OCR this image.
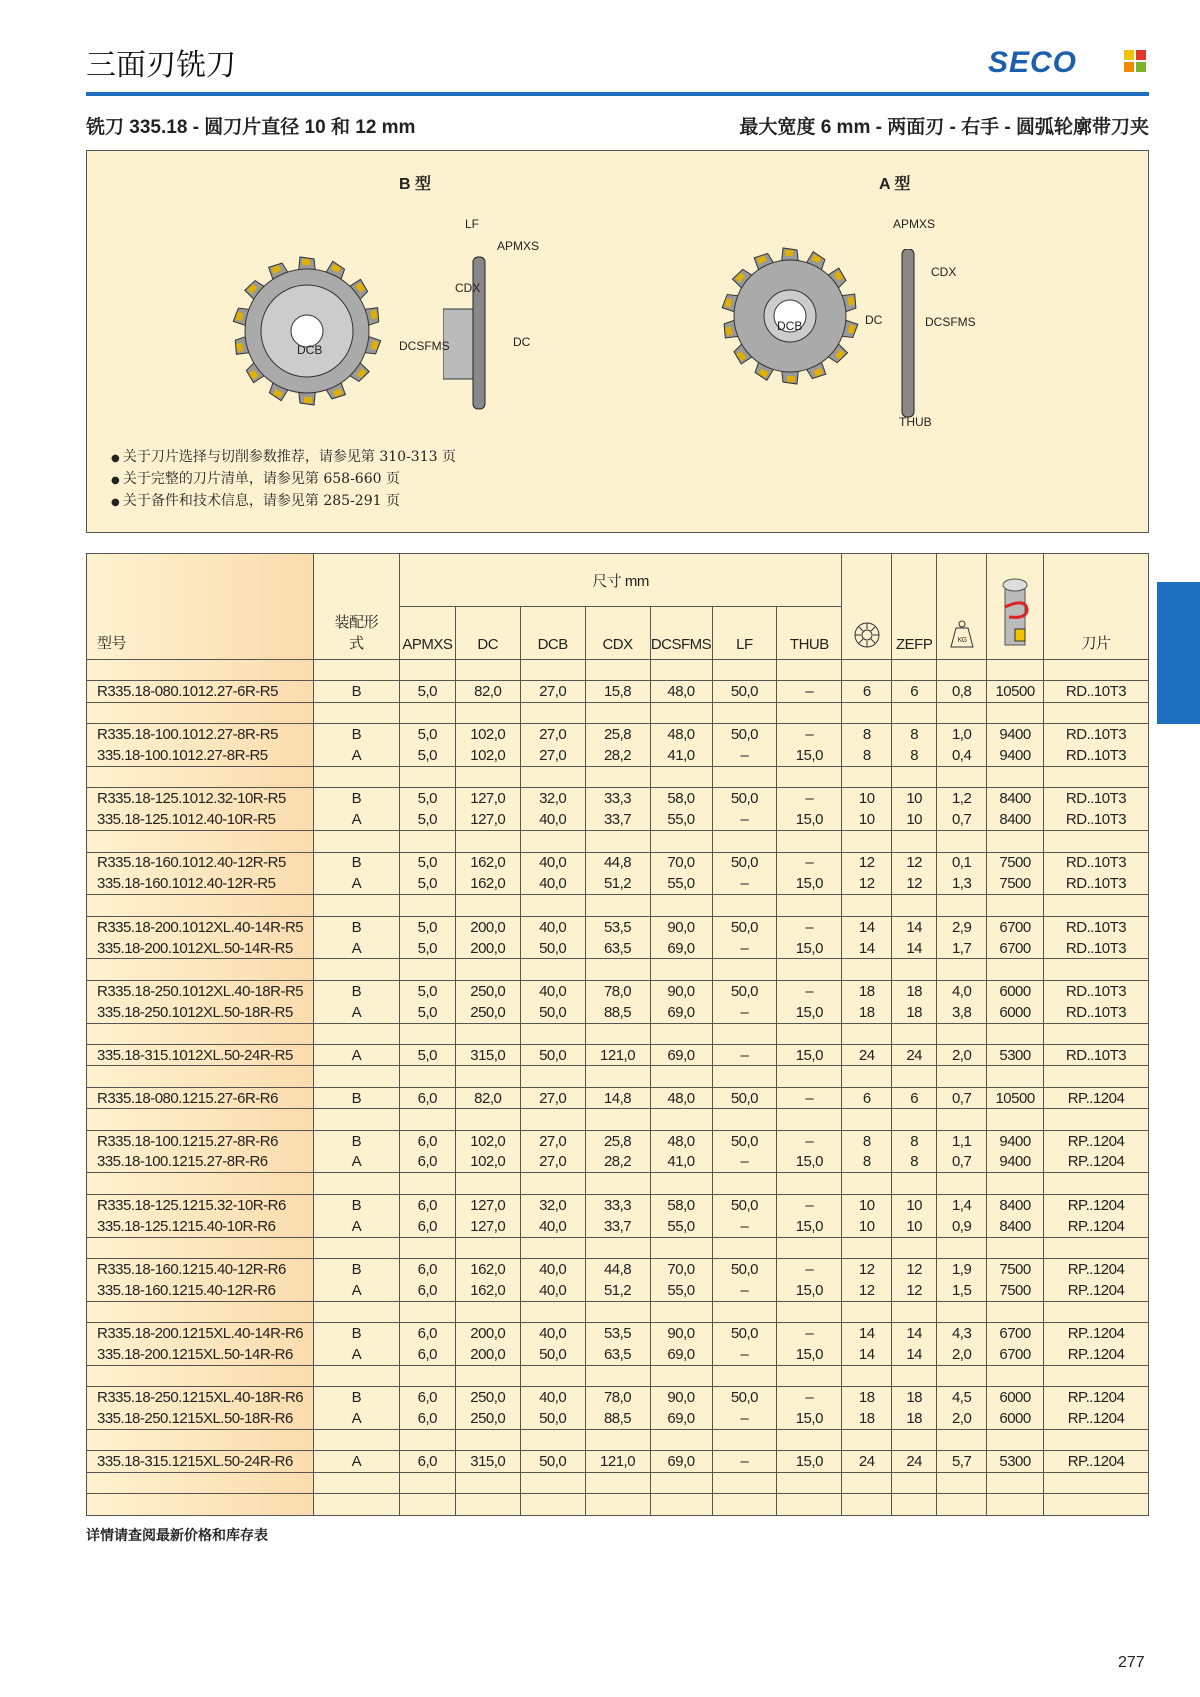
三面刃铣刀	SECO
铣刀 335.18 - 圆刀片直径 10 和 12 mm	最大宽度 6 mm - 两面刃 - 右手 - 圆弧轮廓带刀夹
B 型	A 型
LF
APMXS
CDX
DCSFMS	DC
DCB
APMXS
CDX
DCSFMS
DC
DCB
THUB
● 关于刀片选择与切削参数推荐，请参见第 310-313 页
● 关于完整的刀片清单，请参见第 658-660 页
● 关于备件和技术信息，请参见第 285-291 页
型号	装配形式	尺寸 mm								ZEFP	KG		刀片
		APMXS	DC	DCB	CDX	DCSFMS	LF	THUB					

R335.18-080.1012.27-6R-R5	B	5,0	82,0	27,0	15,8	48,0	50,0	–	6	6	0,8	10500	RD..10T3

R335.18-100.1012.27-8R-R5	B	5,0	102,0	27,0	25,8	48,0	50,0	–	8	8	1,0	9400	RD..10T3
335.18-100.1012.27-8R-R5	A	5,0	102,0	27,0	28,2	41,0	–	15,0	8	8	0,4	9400	RD..10T3

R335.18-125.1012.32-10R-R5	B	5,0	127,0	32,0	33,3	58,0	50,0	–	10	10	1,2	8400	RD..10T3
335.18-125.1012.40-10R-R5	A	5,0	127,0	40,0	33,7	55,0	–	15,0	10	10	0,7	8400	RD..10T3

R335.18-160.1012.40-12R-R5	B	5,0	162,0	40,0	44,8	70,0	50,0	–	12	12	0,1	7500	RD..10T3
335.18-160.1012.40-12R-R5	A	5,0	162,0	40,0	51,2	55,0	–	15,0	12	12	1,3	7500	RD..10T3

R335.18-200.1012XL.40-14R-R5	B	5,0	200,0	40,0	53,5	90,0	50,0	–	14	14	2,9	6700	RD..10T3
335.18-200.1012XL.50-14R-R5	A	5,0	200,0	50,0	63,5	69,0	–	15,0	14	14	1,7	6700	RD..10T3

R335.18-250.1012XL.40-18R-R5	B	5,0	250,0	40,0	78,0	90,0	50,0	–	18	18	4,0	6000	RD..10T3
335.18-250.1012XL.50-18R-R5	A	5,0	250,0	50,0	88,5	69,0	–	15,0	18	18	3,8	6000	RD..10T3

335.18-315.1012XL.50-24R-R5	A	5,0	315,0	50,0	121,0	69,0	–	15,0	24	24	2,0	5300	RD..10T3

R335.18-080.1215.27-6R-R6	B	6,0	82,0	27,0	14,8	48,0	50,0	–	6	6	0,7	10500	RP..1204

R335.18-100.1215.27-8R-R6	B	6,0	102,0	27,0	25,8	48,0	50,0	–	8	8	1,1	9400	RP..1204
335.18-100.1215.27-8R-R6	A	6,0	102,0	27,0	28,2	41,0	–	15,0	8	8	0,7	9400	RP..1204

R335.18-125.1215.32-10R-R6	B	6,0	127,0	32,0	33,3	58,0	50,0	–	10	10	1,4	8400	RP..1204
335.18-125.1215.40-10R-R6	A	6,0	127,0	40,0	33,7	55,0	–	15,0	10	10	0,9	8400	RP..1204

R335.18-160.1215.40-12R-R6	B	6,0	162,0	40,0	44,8	70,0	50,0	–	12	12	1,9	7500	RP..1204
335.18-160.1215.40-12R-R6	A	6,0	162,0	40,0	51,2	55,0	–	15,0	12	12	1,5	7500	RP..1204

R335.18-200.1215XL.40-14R-R6	B	6,0	200,0	40,0	53,5	90,0	50,0	–	14	14	4,3	6700	RP..1204
335.18-200.1215XL.50-14R-R6	A	6,0	200,0	50,0	63,5	69,0	–	15,0	14	14	2,0	6700	RP..1204

R335.18-250.1215XL.40-18R-R6	B	6,0	250,0	40,0	78,0	90,0	50,0	–	18	18	4,5	6000	RP..1204
335.18-250.1215XL.50-18R-R6	A	6,0	250,0	50,0	88,5	69,0	–	15,0	18	18	2,0	6000	RP..1204

335.18-315.1215XL.50-24R-R6	A	6,0	315,0	50,0	121,0	69,0	–	15,0	24	24	5,7	5300	RP..1204

详情请查阅最新价格和库存表
277
